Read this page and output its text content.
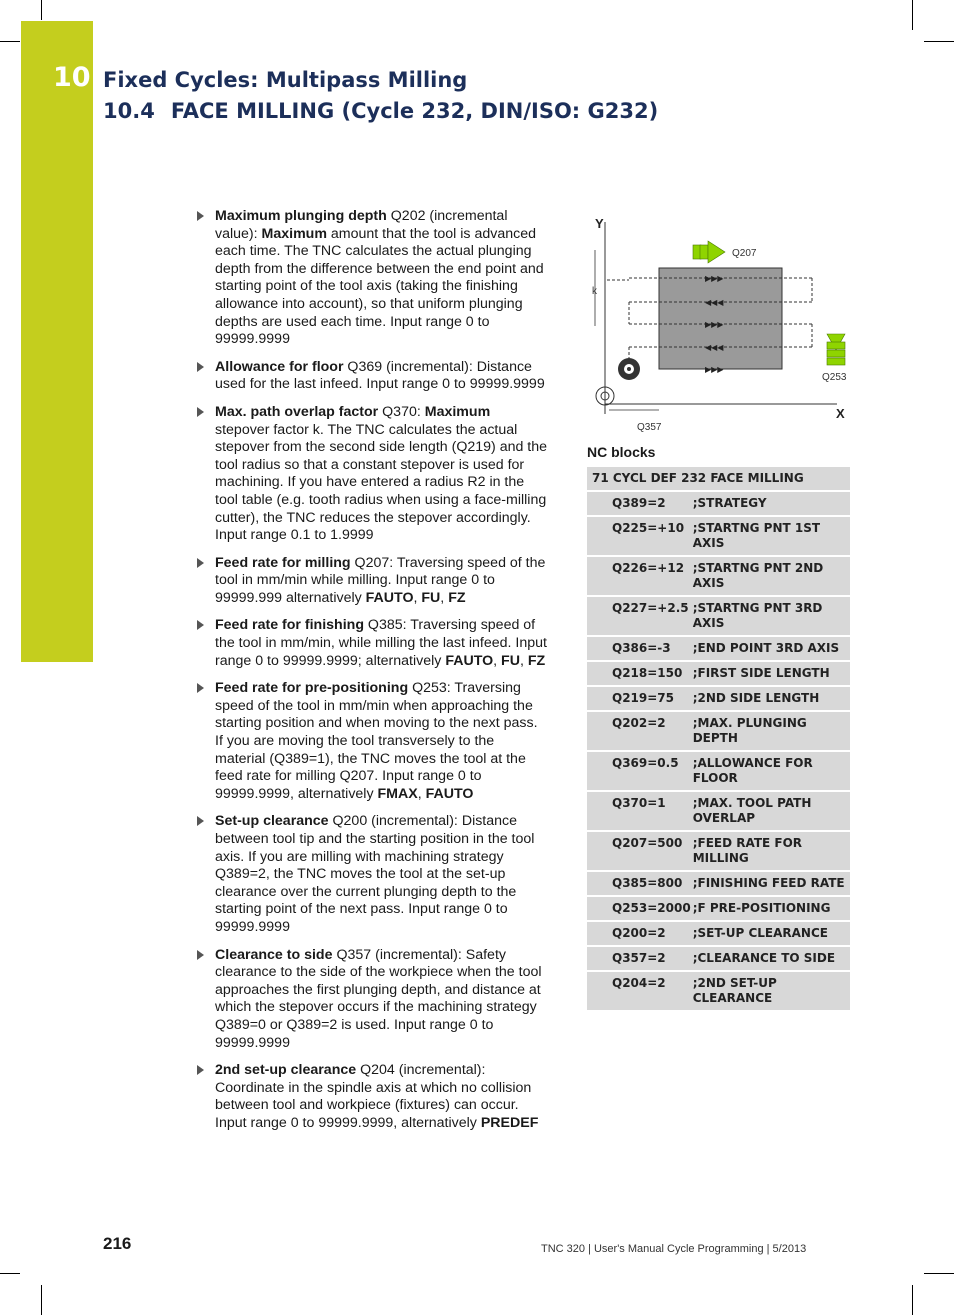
10 Fixed Cycles: Multipass Milling
10.4 FACE MILLING (Cycle 232, DIN/ISO: G232)
Maximum plunging depth Q202 (incremental value): Maximum amount that the tool is advanced each time. The TNC calculates the actual plunging depth from the difference between the end point and starting point of the tool axis (taking the finishing allowance into account), so that uniform plunging depths are used each time. Input range 0 to 99999.9999
Allowance for floor Q369 (incremental): Distance used for the last infeed. Input range 0 to 99999.9999
Max. path overlap factor Q370: Maximum stepover factor k. The TNC calculates the actual stepover from the second side length (Q219) and the tool radius so that a constant stepover is used for machining. If you have entered a radius R2 in the tool table (e.g. tooth radius when using a face-milling cutter), the TNC reduces the stepover accordingly. Input range 0.1 to 1.9999
Feed rate for milling Q207: Traversing speed of the tool in mm/min while milling. Input range 0 to 99999.999 alternatively FAUTO, FU, FZ
Feed rate for finishing Q385: Traversing speed of the tool in mm/min, while milling the last infeed. Input range 0 to 99999.9999; alternatively FAUTO, FU, FZ
Feed rate for pre-positioning Q253: Traversing speed of the tool in mm/min when approaching the starting position and when moving to the next pass. If you are moving the tool transversely to the material (Q389=1), the TNC moves the tool at the feed rate for milling Q207. Input range 0 to 99999.9999, alternatively FMAX, FAUTO
Set-up clearance Q200 (incremental): Distance between tool tip and the starting position in the tool axis. If you are milling with machining strategy Q389=2, the TNC moves the tool at the set-up clearance over the current plunging depth to the starting point of the next pass. Input range 0 to 99999.9999
Clearance to side Q357 (incremental): Safety clearance to the side of the workpiece when the tool approaches the first plunging depth, and distance at which the stepover occurs if the machining strategy Q389=0 or Q389=2 is used. Input range 0 to 99999.9999
2nd set-up clearance Q204 (incremental): Coordinate in the spindle axis at which no collision between tool and workpiece (fixtures) can occur. Input range 0 to 99999.9999, alternatively PREDEF
Y
X
▶▶▶
◀◀◀
▶▶▶
◀◀◀
▶▶▶
k
Q207
Q253
Q357
NC blocks
71 CYCL DEF 232 FACE MILLING	
Q389=2	;STRATEGY
Q225=+10	;STARTNG PNT 1ST AXIS
Q226=+12	;STARTNG PNT 2ND AXIS
Q227=+2.5	;STARTNG PNT 3RD AXIS
Q386=-3	;END POINT 3RD AXIS
Q218=150	;FIRST SIDE LENGTH
Q219=75	;2ND SIDE LENGTH
Q202=2	;MAX. PLUNGING DEPTH
Q369=0.5	;ALLOWANCE FOR FLOOR
Q370=1	;MAX. TOOL PATH OVERLAP
Q207=500	;FEED RATE FOR MILLING
Q385=800	;FINISHING FEED RATE
Q253=2000	;F PRE-POSITIONING
Q200=2	;SET-UP CLEARANCE
Q357=2	;CLEARANCE TO SIDE
Q204=2	;2ND SET-UP CLEARANCE
216	TNC 320 | User's Manual Cycle Programming | 5/2013
